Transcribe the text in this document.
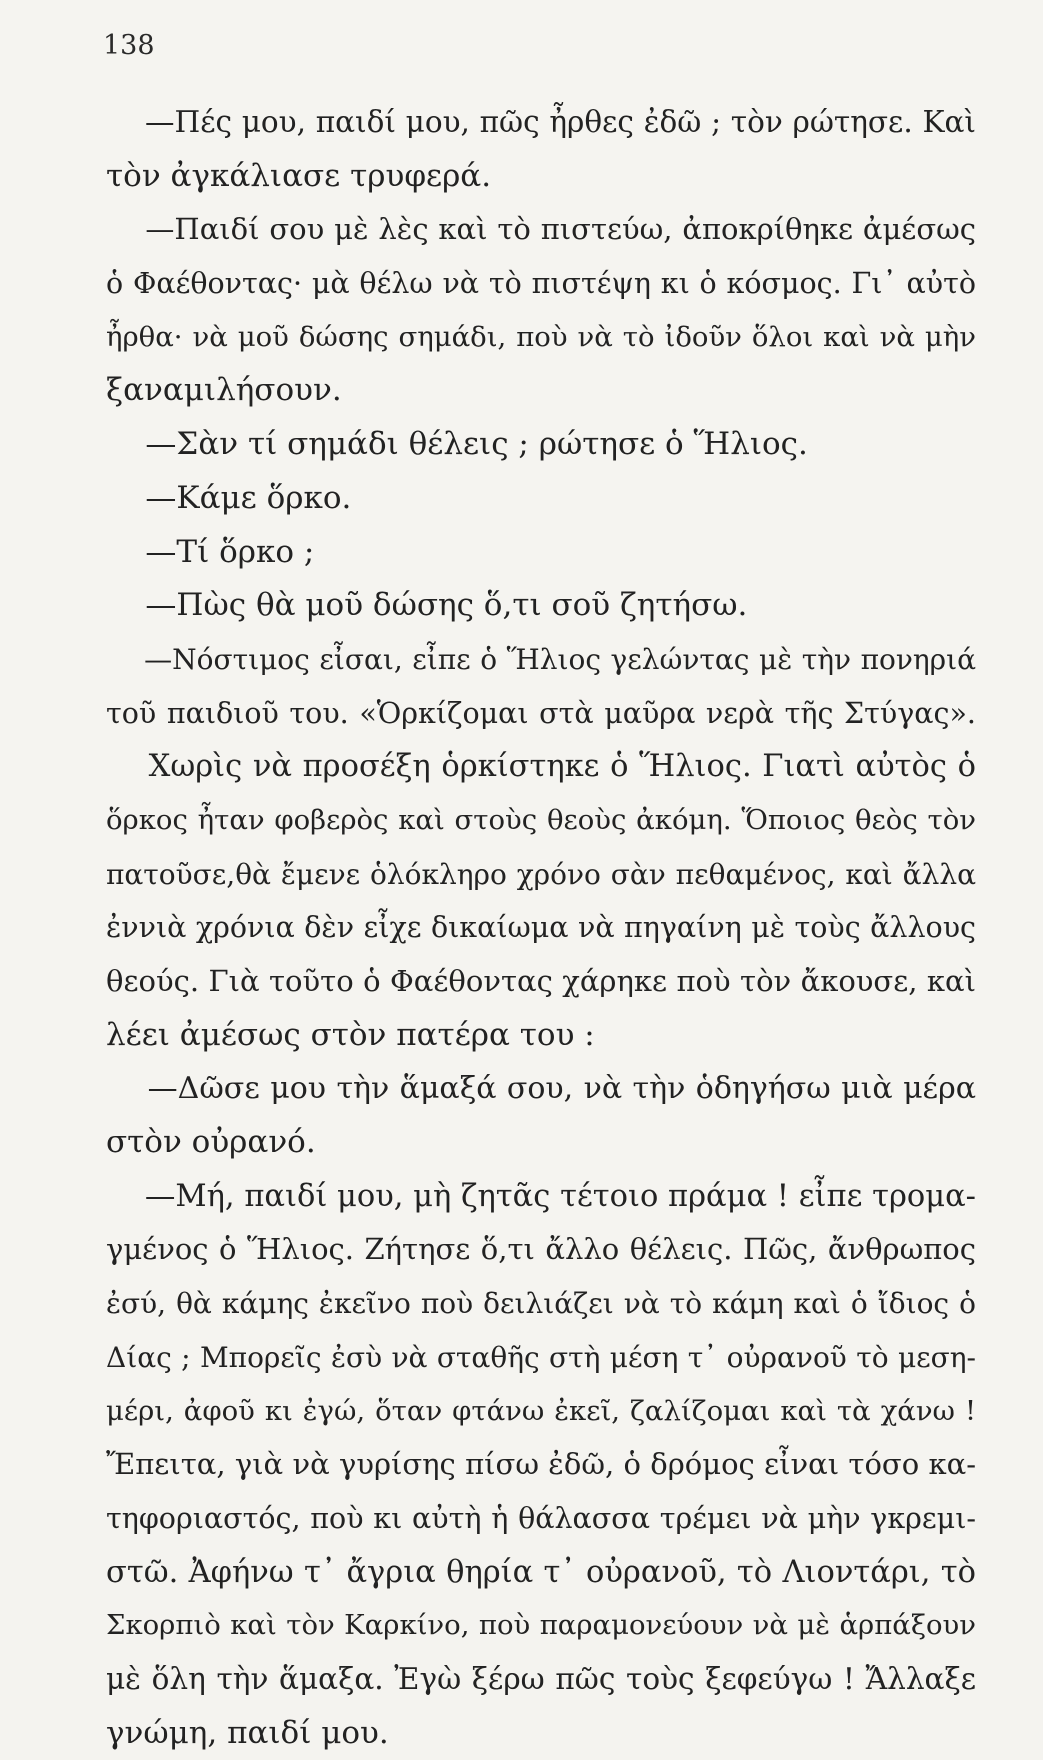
138
—Πές μου, παιδί μου, πῶς ἦρθες ἐδῶ ; τὸν ρώτησε. Καὶ
τὸν ἀγκάλιασε τρυφερά.
—Παιδί σου μὲ λὲς καὶ τὸ πιστεύω, ἀποκρίθηκε ἀμέσως
ὁ Φαέθοντας· μὰ θέλω νὰ τὸ πιστέψη κι ὁ κόσμος. Γι᾽ αὐτὸ
ἦρθα· νὰ μοῦ δώσης σημάδι, ποὺ νὰ τὸ ἰδοῦν ὅλοι καὶ νὰ μὴν
ξαναμιλήσουν.
—Σὰν τί σημάδι θέλεις ; ρώτησε ὁ Ἥλιος.
—Κάμε ὅρκο.
—Τί ὅρκο ;
—Πὼς θὰ μοῦ δώσης ὅ,τι σοῦ ζητήσω.
—Νόστιμος εἶσαι, εἶπε ὁ Ἥλιος γελώντας μὲ τὴν πονηριά
τοῦ παιδιοῦ του. «Ὁρκίζομαι στὰ μαῦρα νερὰ τῆς Στύγας».
Χωρὶς νὰ προσέξη ὁρκίστηκε ὁ Ἥλιος. Γιατὶ αὐτὸς ὁ
ὅρκος ἦταν φοβερὸς καὶ στοὺς θεοὺς ἀκόμη. Ὅποιος θεὸς τὸν
πατοῦσε,θὰ ἔμενε ὁλόκληρο χρόνο σὰν πεθαμένος, καὶ ἄλλα
ἐννιὰ χρόνια δὲν εἶχε δικαίωμα νὰ πηγαίνη μὲ τοὺς ἄλλους
θεούς. Γιὰ τοῦτο ὁ Φαέθοντας χάρηκε ποὺ τὸν ἄκουσε, καὶ
λέει ἀμέσως στὸν πατέρα του :
—Δῶσε μου τὴν ἅμαξά σου, νὰ τὴν ὁδηγήσω μιὰ μέρα
στὸν οὐρανό.
—Μή, παιδί μου, μὴ ζητᾶς τέτοιο πράμα ! εἶπε τρομα-
γμένος ὁ Ἥλιος. Ζήτησε ὅ,τι ἄλλο θέλεις. Πῶς, ἄνθρωπος
ἐσύ, θὰ κάμης ἐκεῖνο ποὺ δειλιάζει νὰ τὸ κάμη καὶ ὁ ἴδιος ὁ
Δίας ; Μπορεῖς ἐσὺ νὰ σταθῆς στὴ μέση τ᾽ οὐρανοῦ τὸ μεση-
μέρι, ἀφοῦ κι ἐγώ, ὅταν φτάνω ἐκεῖ, ζαλίζομαι καὶ τὰ χάνω !
Ἔπειτα, γιὰ νὰ γυρίσης πίσω ἐδῶ, ὁ δρόμος εἶναι τόσο κα-
τηφοριαστός, ποὺ κι αὐτὴ ἡ θάλασσα τρέμει νὰ μὴν γκρεμι-
στῶ. Ἀφήνω τ᾽ ἄγρια θηρία τ᾽ οὐρανοῦ, τὸ Λιοντάρι, τὸ
Σκορπιὸ καὶ τὸν Καρκίνο, ποὺ παραμονεύουν νὰ μὲ ἁρπάξουν
μὲ ὅλη τὴν ἅμαξα. Ἐγὼ ξέρω πῶς τοὺς ξεφεύγω ! Ἄλλαξε
γνώμη, παιδί μου.
